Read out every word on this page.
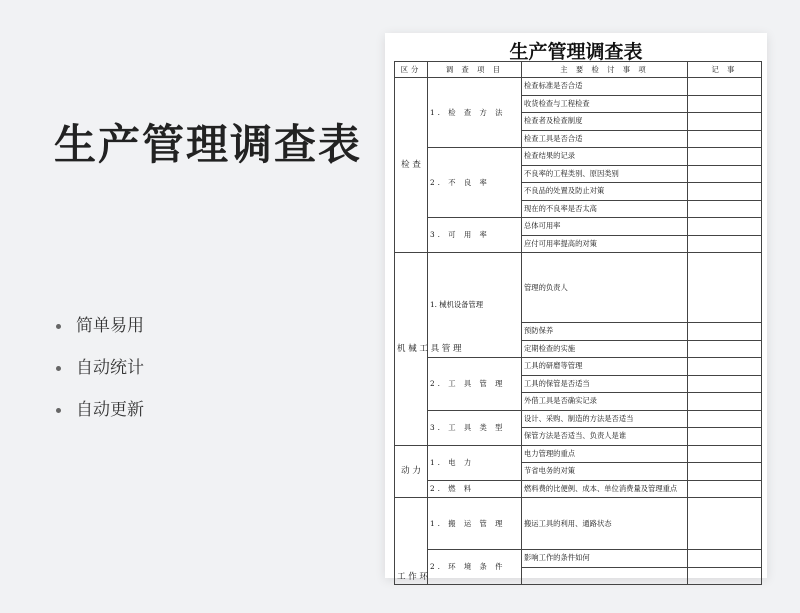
生产管理调查表
简单易用
自动统计
自动更新
生产管理调查表
区分	调 查 项 目	主 要 检 讨 事 项	记 事
检 查	1. 检 查 方 法	检查标准是否合适	
		收货检查与工程检查	
		检查者及检查制度	
		检查工具是否合适	
	2. 不 良 率	检查结果的记录	
		不良率的工程类别、原因类别	
		不良品的处置及防止对策	
		现在的不良率是否太高	
	3. 可 用 率	总体可用率	
		应付可用率提高的对策	
机 械 工 具 管 理	1. 械机设备管理	管理的负责人	
		预防保养	
		定期检查的实施	
	2. 工 具 管 理	工具的研磨等管理	
		工具的保管是否适当	
		外借工具是否确实记录	
	3. 工 具 类 型	设计、采购、制造的方法是否适当	
		保管方法是否适当、负责人是谁	
动 力	1. 电 力	电力管理的重点	
		节省电务的对策	
	2. 燃 料	燃料费的比便例、成本、单位消费量及管理重点	
工 作 环	1. 搬 运 管 理	搬运工具的利用、通路状态	
	2. 环 境 条 件	影响工作的条件如何	
